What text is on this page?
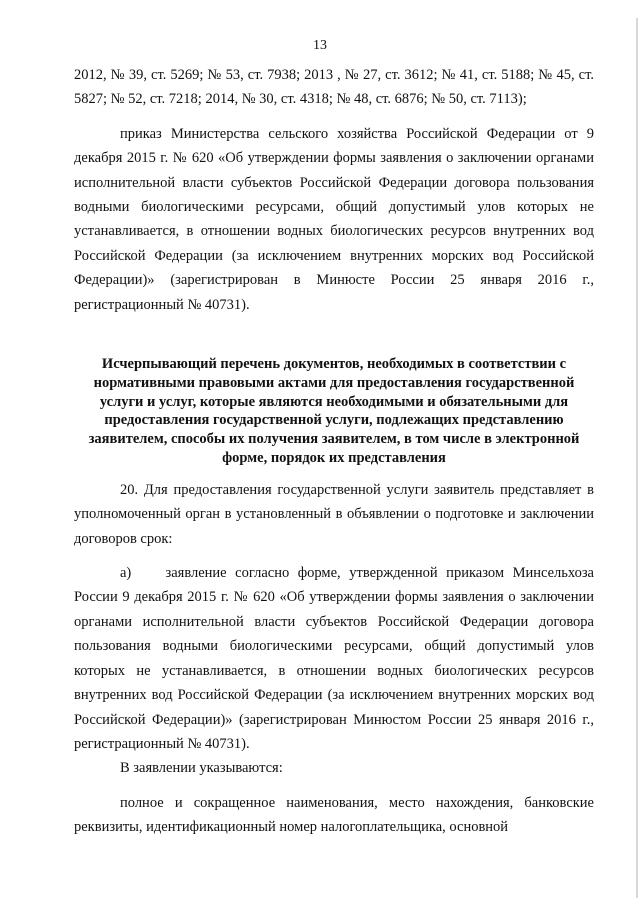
13

2012, № 39, ст. 5269; № 53, ст. 7938; 2013 , № 27, ст. 3612; № 41, ст. 5188; № 45, ст. 5827; № 52, ст. 7218; 2014, № 30, ст. 4318; № 48, ст. 6876; № 50, ст. 7113);

приказ Министерства сельского хозяйства Российской Федерации от 9 декабря 2015 г. № 620 «Об утверждении формы заявления о заключении органами исполнительной власти субъектов Российской Федерации договора пользования водными биологическими ресурсами, общий допустимый улов которых не устанавливается, в отношении водных биологических ресурсов внутренних вод Российской Федерации (за исключением внутренних морских вод Российской Федерации)» (зарегистрирован в Минюсте России 25 января 2016 г., регистрационный № 40731).

Исчерпывающий перечень документов, необходимых в соответствии с нормативными правовыми актами для предоставления государственной услуги и услуг, которые являются необходимыми и обязательными для предоставления государственной услуги, подлежащих представлению заявителем, способы их получения заявителем, в том числе в электронной форме, порядок их представления

20. Для предоставления государственной услуги заявитель представляет в уполномоченный орган в установленный в объявлении о подготовке и заключении договоров срок:

а)    заявление согласно форме, утвержденной приказом Минсельхоза России 9 декабря 2015 г. № 620 «Об утверждении формы заявления о заключении органами исполнительной власти субъектов Российской Федерации договора пользования водными биологическими ресурсами, общий допустимый улов которых не устанавливается, в отношении водных биологических ресурсов внутренних вод Российской Федерации (за исключением внутренних морских вод Российской Федерации)» (зарегистрирован Минюстом России 25 января 2016 г., регистрационный № 40731).

В заявлении указываются:

полное и сокращенное наименования, место нахождения, банковские реквизиты, идентификационный номер налогоплательщика, основной
